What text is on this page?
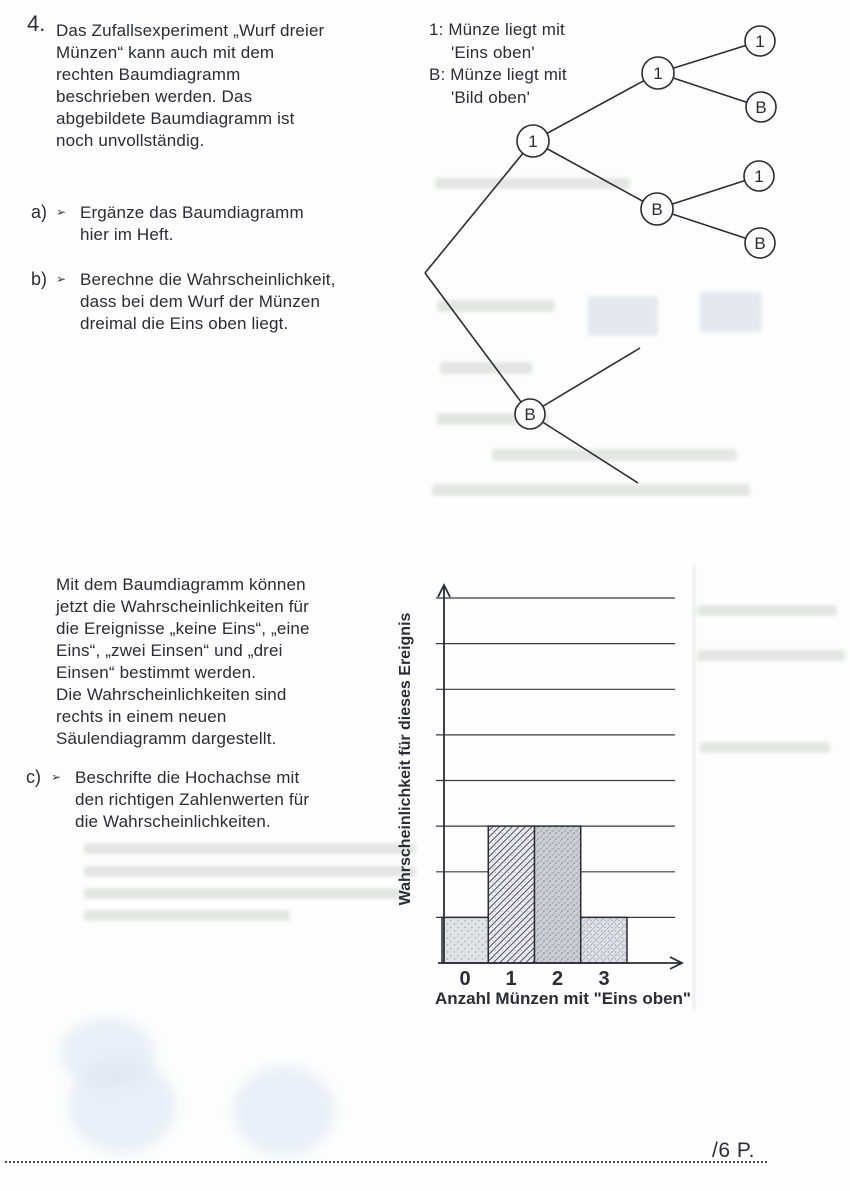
4. Das Zufallsexperiment „Wurf dreier
Münzen“ kann auch mit dem
rechten Baumdiagramm
beschrieben werden. Das
abgebildete Baumdiagramm ist
noch unvollständig.
1: Münze liegt mit
'Eins oben'
B: Münze liegt mit
'Bild oben'
a) ➢ Ergänze das Baumdiagramm
hier im Heft.
b) ➢ Berechne die Wahrscheinlichkeit,
dass bei dem Wurf der Münzen
dreimal die Eins oben liegt.
1
B
1
B
1
B
1
B
Mit dem Baumdiagramm können
jetzt die Wahrscheinlichkeiten für
die Ereignisse „keine Eins“, „eine
Eins“, „zwei Einsen“ und „drei
Einsen“ bestimmt werden.
Die Wahrscheinlichkeiten sind
rechts in einem neuen
Säulendiagramm dargestellt.
c) ➢ Beschrifte die Hochachse mit
den richtigen Zahlenwerten für
die Wahrscheinlichkeiten.
0 1 2 3
Anzahl Münzen mit "Eins oben"
Wahrscheinlichkeit für dieses Ereignis
/6 P.
